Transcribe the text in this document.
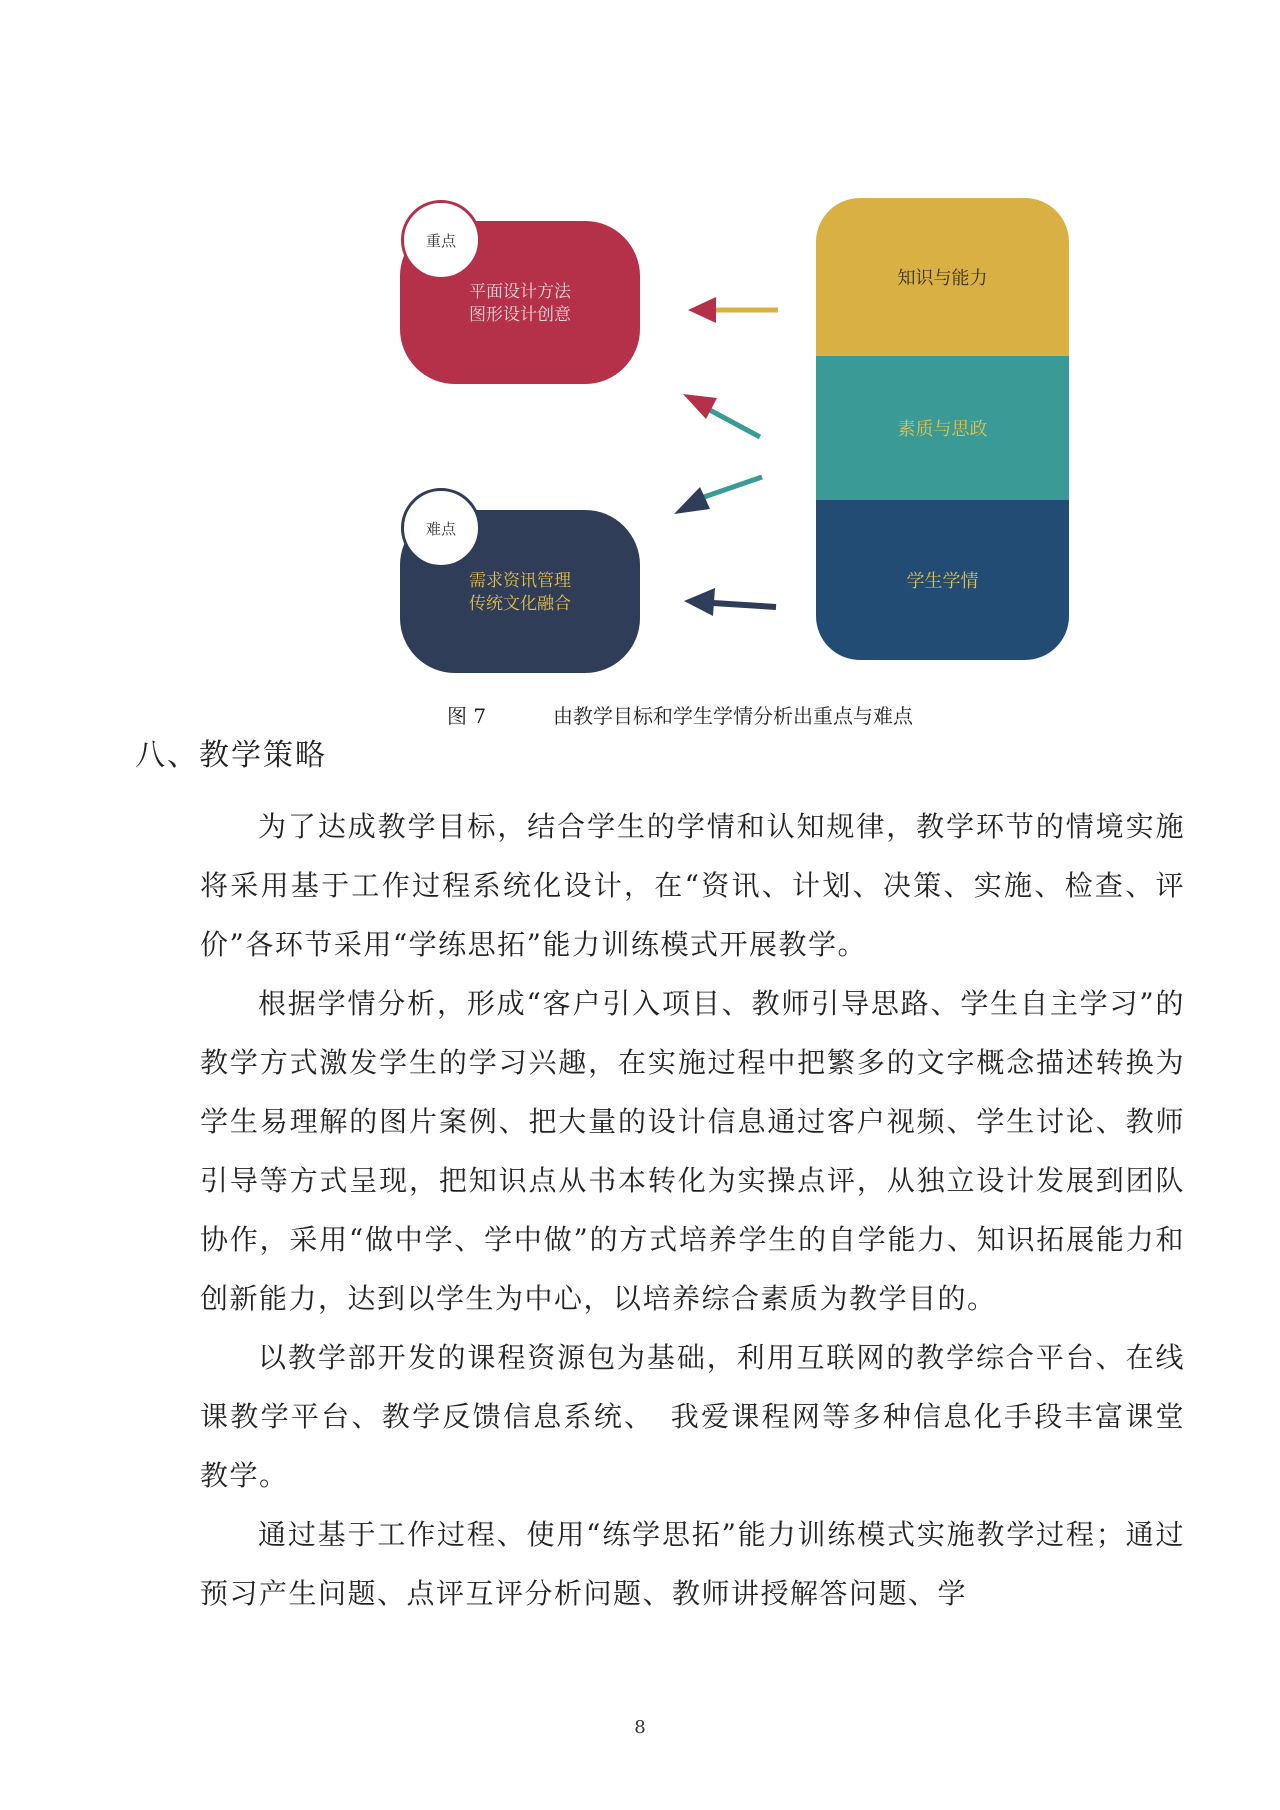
平面设计方法
图形设计创意
重点
需求资讯管理
传统文化融合
难点
知识与能力
素质与思政
学生学情
图 7	由教学目标和学生学情分析出重点与难点
八、教学策略

为了达成教学目标，结合学生的学情和认知规律，教学环节的情境实施将采用基于工作过程系统化设计，在“资讯、计划、决策、实施、检查、评价”各环节采用“学练思拓”能力训练模式开展教学。

根据学情分析，形成“客户引入项目、教师引导思路、学生自主学习”的教学方式激发学生的学习兴趣，在实施过程中把繁多的文字概念描述转换为学生易理解的图片案例、把大量的设计信息通过客户视频、学生讨论、教师引导等方式呈现，把知识点从书本转化为实操点评，从独立设计发展到团队协作，采用“做中学、学中做”的方式培养学生的自学能力、知识拓展能力和创新能力，达到以学生为中心，以培养综合素质为教学目的。

以教学部开发的课程资源包为基础，利用互联网的教学综合平台、在线课教学平台、教学反馈信息系统、　我爱课程网等多种信息化手段丰富课堂教学。

通过基于工作过程、使用“练学思拓”能力训练模式实施教学过程；通过预习产生问题、点评互评分析问题、教师讲授解答问题、学

8
